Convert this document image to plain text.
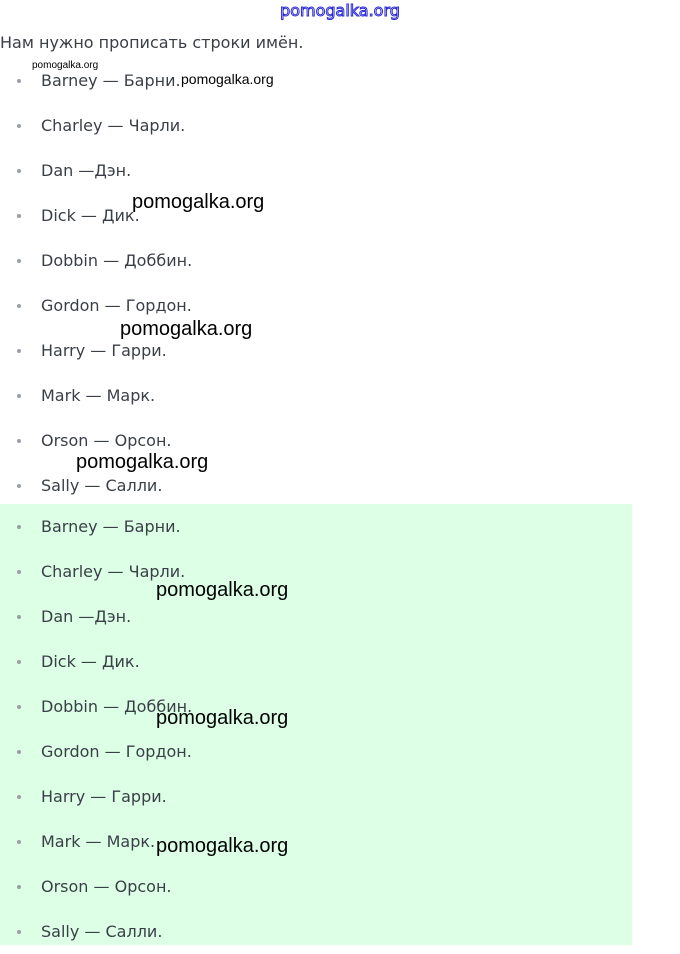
pomogalka.org
Нам нужно прописать строки имён.
Barney — Барни.
Charley — Чарли.
Dan —Дэн.
Dick — Дик.
Dobbin — Доббин.
Gordon — Гордон.
Harry — Гарри.
Mark — Марк.
Orson — Орсон.
Sally — Салли.
Barney — Барни.
Charley — Чарли.
Dan —Дэн.
Dick — Дик.
Dobbin — Доббин.
Gordon — Гордон.
Harry — Гарри.
Mark — Марк.
Orson — Орсон.
Sally — Салли.
pomogalka.org
pomogalka.org
pomogalka.org
pomogalka.org
pomogalka.org
pomogalka.org
pomogalka.org
pomogalka.org
